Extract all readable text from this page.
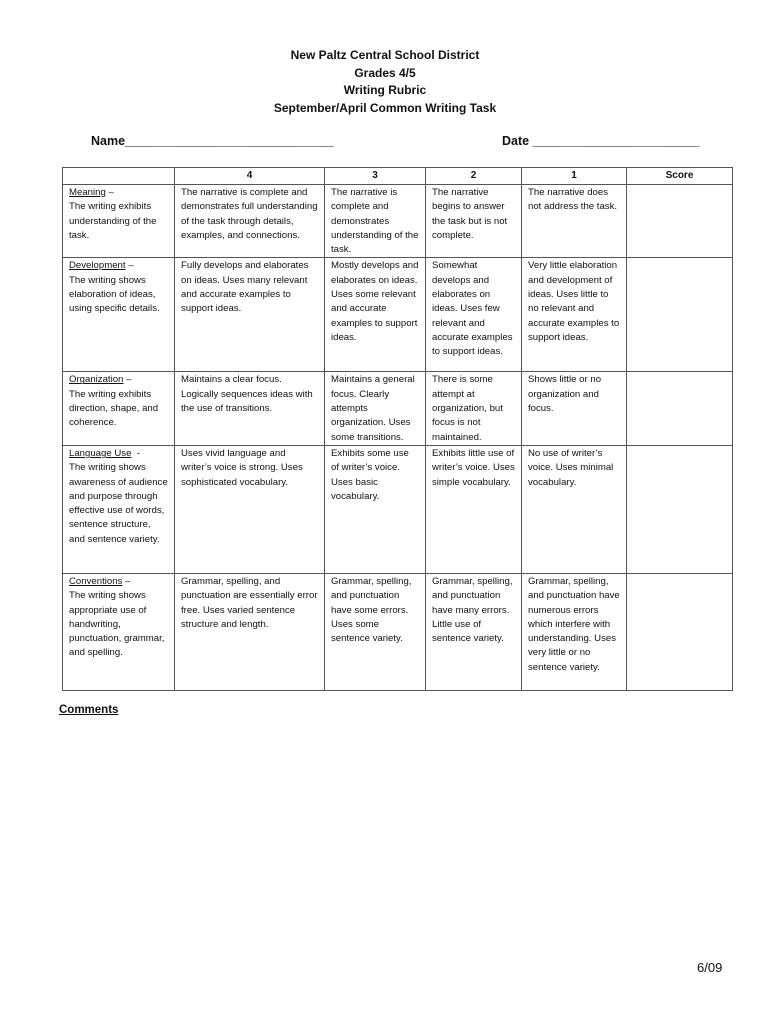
New Paltz Central School District
Grades 4/5
Writing Rubric
September/April Common Writing Task
Name______________________________	Date ________________________
	4	3	2	1	Score
Meaning –
The writing exhibits understanding of the task.	The narrative is complete and demonstrates full understanding of the task through details, examples, and connections.	The narrative is complete and demonstrates understanding of the task.	The narrative begins to answer the task but is not complete.	The narrative does not address the task.	
Development –
The writing shows elaboration of ideas, using specific details.	Fully develops and elaborates on ideas. Uses many relevant and accurate examples to support ideas.	Mostly develops and elaborates on ideas. Uses some relevant and accurate examples to support ideas.	Somewhat develops and elaborates on ideas. Uses few relevant and accurate examples to support ideas.	Very little elaboration and development of ideas. Uses little to no relevant and accurate examples to support ideas.	
Organization –
The writing exhibits direction, shape, and coherence.	Maintains a clear focus. Logically sequences ideas with the use of transitions.	Maintains a general focus. Clearly attempts organization. Uses some transitions.	There is some attempt at organization, but focus is not maintained.	Shows little or no organization and focus.	
Language Use  -
The writing shows awareness of audience and purpose through effective use of words, sentence structure, and sentence variety.	Uses vivid language and writer’s voice is strong. Uses sophisticated vocabulary.	Exhibits some use of writer’s voice. Uses basic vocabulary.	Exhibits little use of writer’s voice. Uses simple vocabulary.	No use of writer’s voice. Uses minimal vocabulary.	
Conventions –
The writing shows appropriate use of handwriting, punctuation, grammar, and spelling.	Grammar, spelling, and punctuation are essentially error free. Uses varied sentence structure and length.	Grammar, spelling, and punctuation have some errors. Uses some sentence variety.	Grammar, spelling, and punctuation have many errors. Little use of sentence variety.	Grammar, spelling, and punctuation have numerous errors which interfere with understanding. Uses very little or no sentence variety.	
Comments
6/09
